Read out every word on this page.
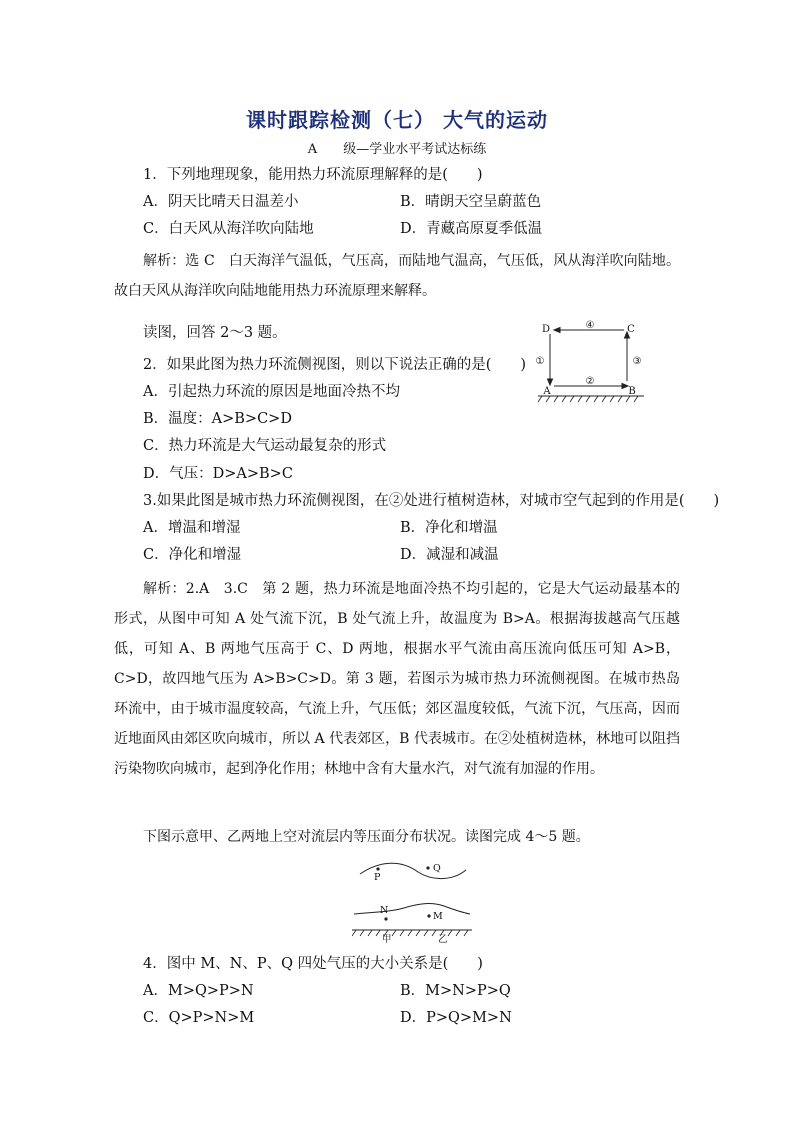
课时跟踪检测（七） 大气的运动
A 级—学业水平考试达标练
1．下列地理现象，能用热力环流原理解释的是(　　)
A．阴天比晴天日温差小	B．晴朗天空呈蔚蓝色
C．白天风从海洋吹向陆地	D．青藏高原夏季低温
解析：选 C　白天海洋气温低，气压高，而陆地气温高，气压低，风从海洋吹向陆地。故白天风从海洋吹向陆地能用热力环流原理来解释。
读图，回答 2～3 题。	D	C
A	B
④
①
②
③
2．如果此图为热力环流侧视图，则以下说法正确的是(　　)
A．引起热力环流的原因是地面冷热不均
B．温度：A>B>C>D
C．热力环流是大气运动最复杂的形式
D．气压：D>A>B>C
3.如果此图是城市热力环流侧视图，在②处进行植树造林，对城市空气起到的作用是(　　)
A．增温和增湿	B．净化和增温
C．净化和增湿	D．减湿和减温
解析：2.A　3.C　第 2 题，热力环流是地面冷热不均引起的，它是大气运动最基本的形式，从图中可知 A 处气流下沉，B 处气流上升，故温度为 B>A。根据海拔越高气压越低，可知 A、B 两地气压高于 C、D 两地，根据水平气流由高压流向低压可知 A>B，C>D，故四地气压为 A>B>C>D。第 3 题，若图示为城市热力环流侧视图。在城市热岛环流中，由于城市温度较高，气流上升，气压低；郊区温度较低，气流下沉，气压高，因而近地面风由郊区吹向城市，所以 A 代表郊区，B 代表城市。在②处植树造林，林地可以阻挡污染物吹向城市，起到净化作用；林地中含有大量水汽，对气流有加湿的作用。
下图示意甲、乙两地上空对流层内等压面分布状况。读图完成 4～5 题。
P
Q
N
M
甲	乙
4．图中 M、N、P、Q 四处气压的大小关系是(　　)
A．M>Q>P>N	B．M>N>P>Q
C．Q>P>N>M	D．P>Q>M>N
